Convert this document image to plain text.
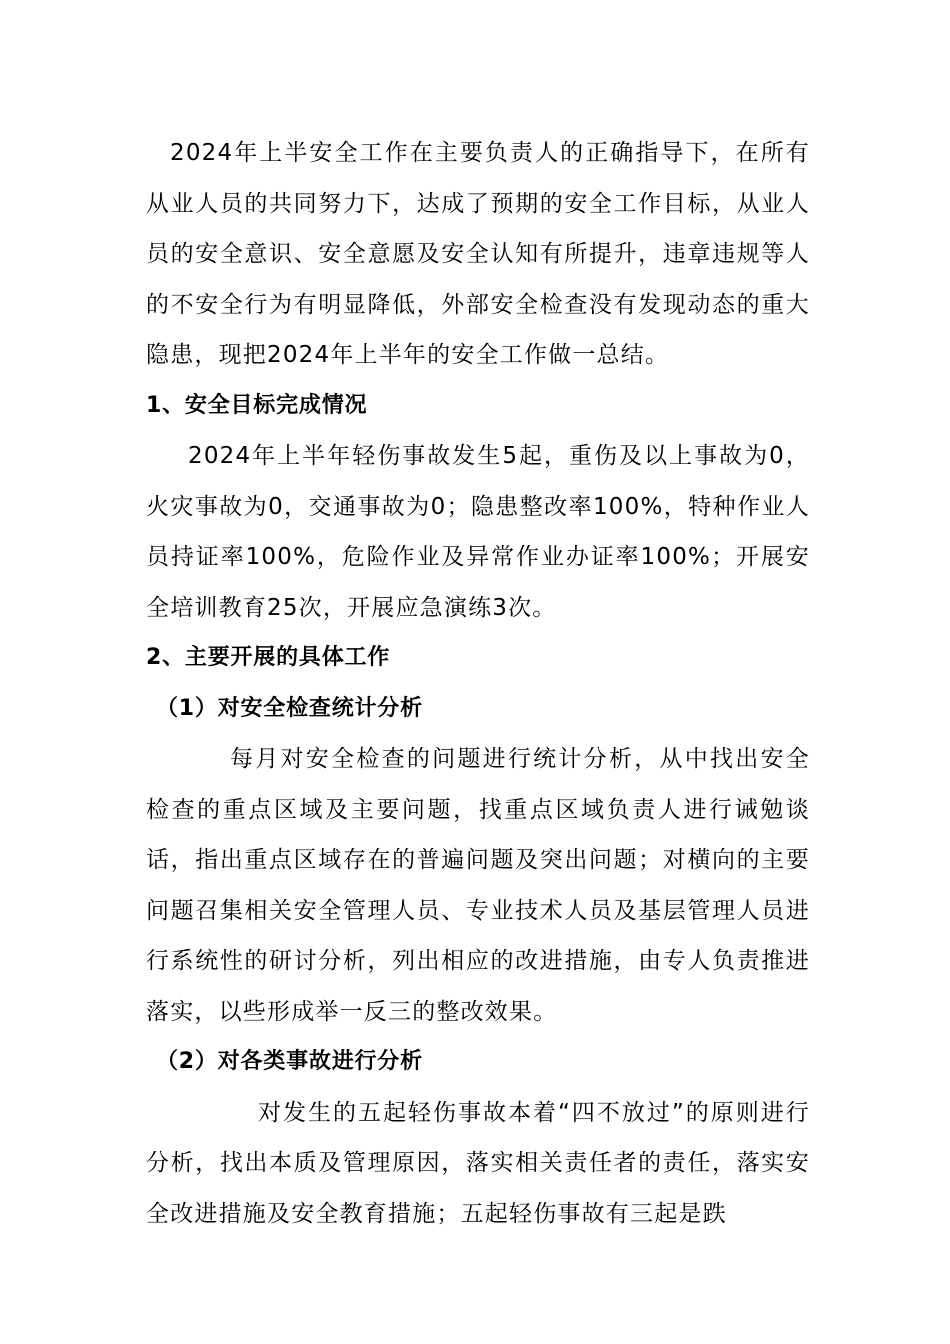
2024年上半安全工作在主要负责人的正确指导下，在所有从业人员的共同努力下，达成了预期的安全工作目标，从业人员的安全意识、安全意愿及安全认知有所提升，违章违规等人的不安全行为有明显降低，外部安全检查没有发现动态的重大隐患，现把2024年上半年的安全工作做一总结。

1、安全目标完成情况

2024年上半年轻伤事故发生5起，重伤及以上事故为0，火灾事故为0，交通事故为0；隐患整改率100%，特种作业人员持证率100%，危险作业及异常作业办证率100%；开展安全培训教育25次，开展应急演练3次。

2、主要开展的具体工作

（1）对安全检查统计分析

每月对安全检查的问题进行统计分析，从中找出安全检查的重点区域及主要问题，找重点区域负责人进行诫勉谈话，指出重点区域存在的普遍问题及突出问题；对横向的主要问题召集相关安全管理人员、专业技术人员及基层管理人员进行系统性的研讨分析，列出相应的改进措施，由专人负责推进落实，以些形成举一反三的整改效果。

（2）对各类事故进行分析

对发生的五起轻伤事故本着“四不放过”的原则进行分析，找出本质及管理原因，落实相关责任者的责任，落实安全改进措施及安全教育措施；五起轻伤事故有三起是跌
